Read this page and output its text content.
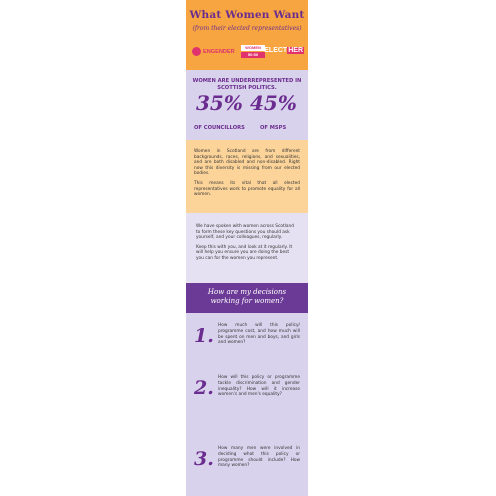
What Women Want
(from their elected representatives)
ENGENDER
WOMEN
50:50
ELECTHER
WOMEN ARE UNDERREPRESENTED IN SCOTTISH POLITICS.
35% 45%
OF COUNCILLORS	OF MSPS

Women in Scotland are from different backgrounds, races, religions, and sexualities, and are both disabled and non-disabled. Right now this diversity is missing from our elected bodies.

This means its vital that all elected representatives work to promote equality for all women.

We have spoken with women across Scotland to form these key questions you should ask yourself, and your colleagues, regularly.

Keep this with you, and look at it regularly. It will help you ensure you are doing the best you can for the women you represent.

How are my decisions
working for women?
1. How much will this policy/ programme cost, and how much will be spent on men and boys, and girls and women?
2. How will this policy or programme tackle discrimination and gender inequality? How will it increase women's and men's equality?
3. How many men were involved in deciding what this policy or programme should include? How many women?
